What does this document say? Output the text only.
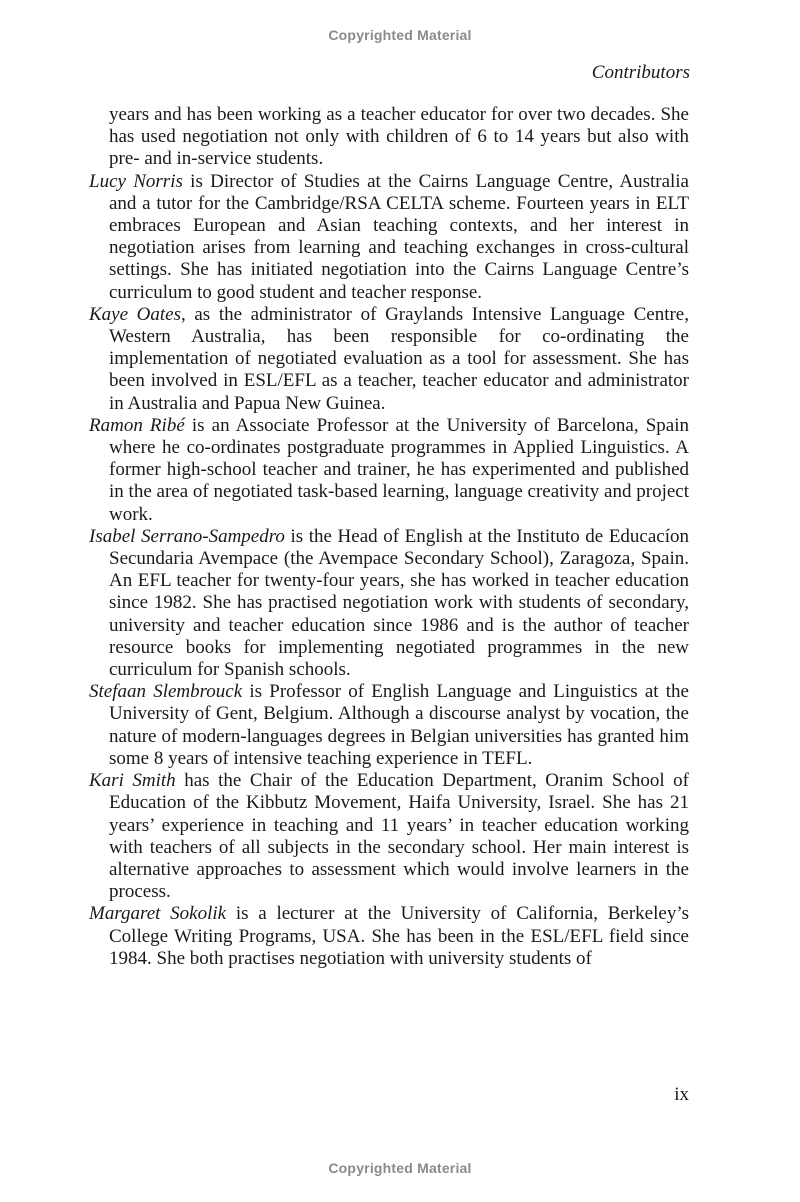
Copyrighted Material
Contributors

years and has been working as a teacher educator for over two decades. She has used negotiation not only with children of 6 to 14 years but also with pre- and in-service students.

Lucy Norris is Director of Studies at the Cairns Language Centre, Australia and a tutor for the Cambridge/RSA CELTA scheme. Fourteen years in ELT embraces European and Asian teaching contexts, and her interest in negotiation arises from learning and teaching exchanges in cross-cultural settings. She has initiated negotiation into the Cairns Language Centre’s curriculum to good student and teacher response.

Kaye Oates, as the administrator of Graylands Intensive Language Centre, Western Australia, has been responsible for co-ordinating the implementation of negotiated evaluation as a tool for assessment. She has been involved in ESL/EFL as a teacher, teacher educator and administrator in Australia and Papua New Guinea.

Ramon Ribé is an Associate Professor at the University of Barcelona, Spain where he co-ordinates postgraduate programmes in Applied Linguistics. A former high-school teacher and trainer, he has experimented and published in the area of negotiated task-based learning, language creativity and project work.

Isabel Serrano-Sampedro is the Head of English at the Instituto de Educacíon Secundaria Avempace (the Avempace Secondary School), Zaragoza, Spain. An EFL teacher for twenty-four years, she has worked in teacher education since 1982. She has practised negotiation work with students of secondary, university and teacher education since 1986 and is the author of teacher resource books for implementing negotiated programmes in the new curriculum for Spanish schools.

Stefaan Slembrouck is Professor of English Language and Linguistics at the University of Gent, Belgium. Although a discourse analyst by vocation, the nature of modern-languages degrees in Belgian universities has granted him some 8 years of intensive teaching experience in TEFL.

Kari Smith has the Chair of the Education Department, Oranim School of Education of the Kibbutz Movement, Haifa University, Israel. She has 21 years’ experience in teaching and 11 years’ in teacher education working with teachers of all subjects in the secondary school. Her main interest is alternative approaches to assessment which would involve learners in the process.

Margaret Sokolik is a lecturer at the University of California, Berkeley’s College Writing Programs, USA. She has been in the ESL/EFL field since 1984. She both practises negotiation with university students of

ix
Copyrighted Material
